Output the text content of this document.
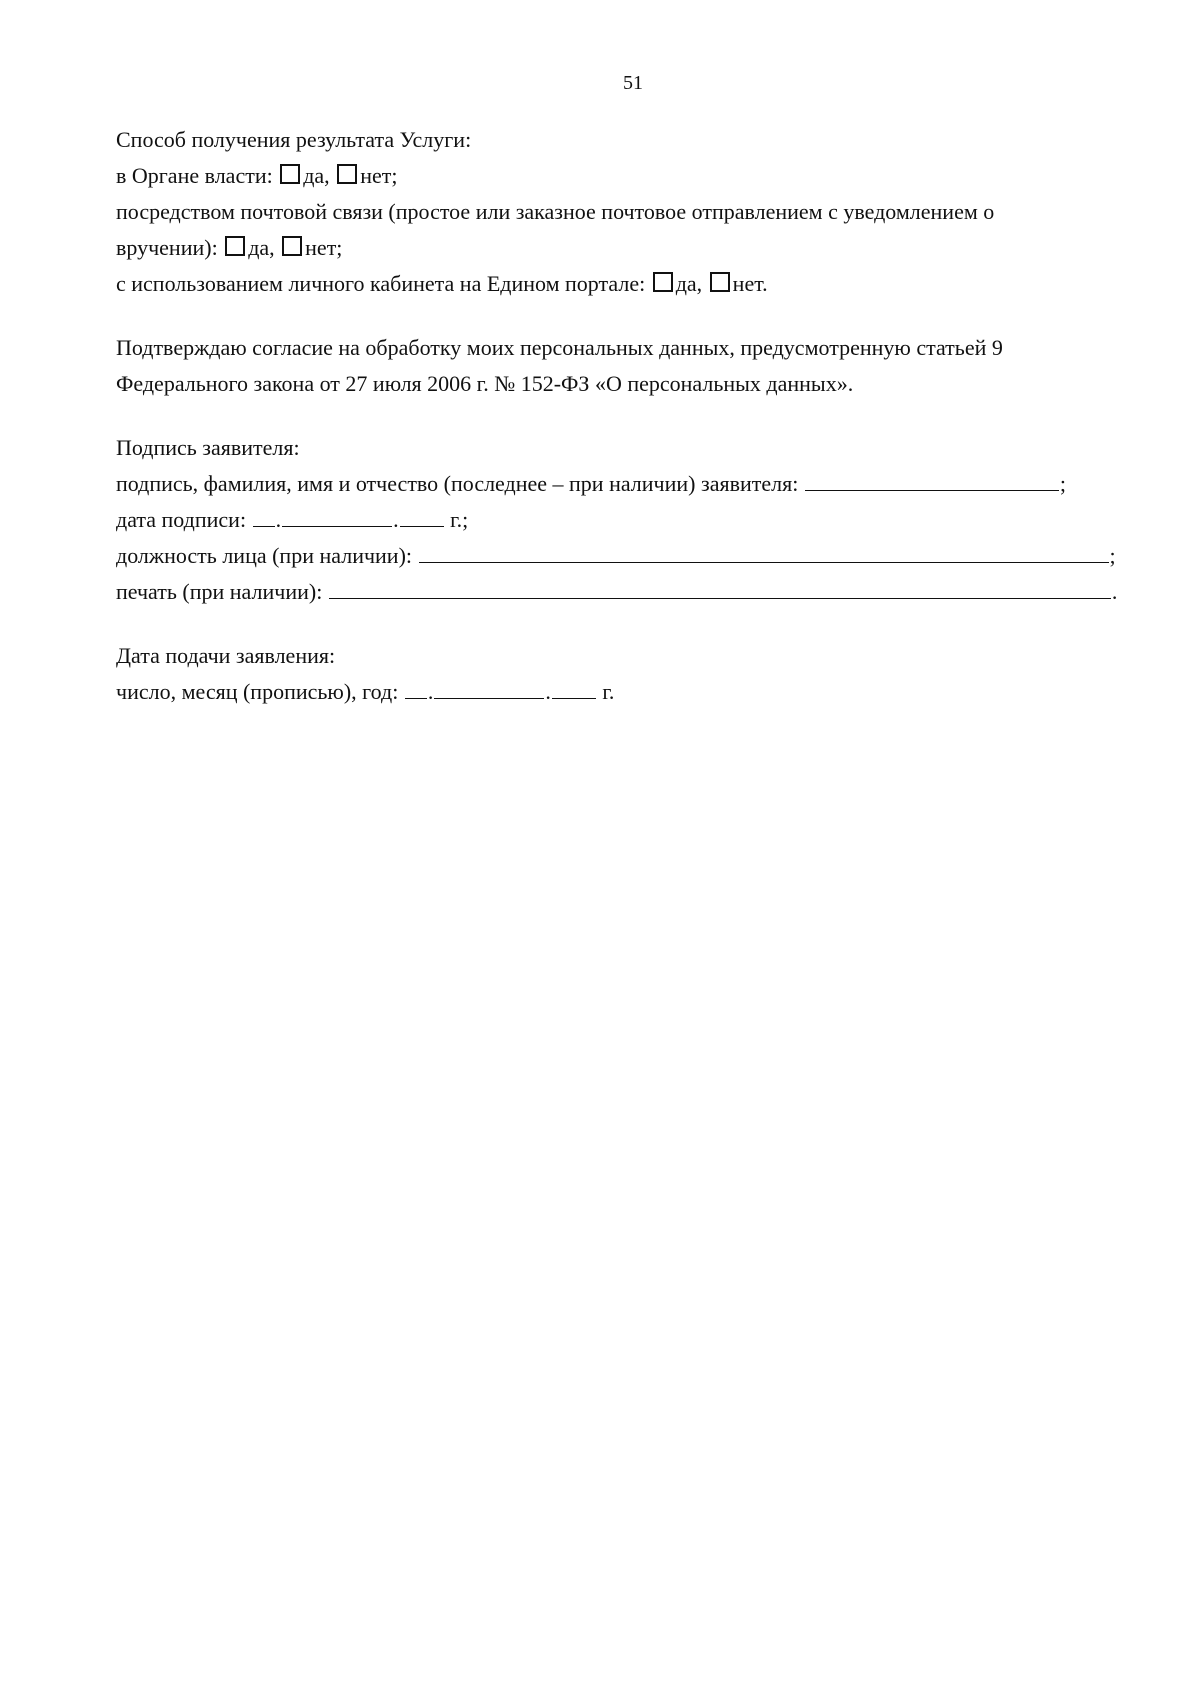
51
Способ получения результата Услуги:
в Органе власти: да, нет;
посредством почтовой связи (простое или заказное почтовое отправлением с уведомлением о
вручении): да, нет;
с использованием личного кабинета на Едином портале: да, нет.
Подтверждаю согласие на обработку моих персональных данных, предусмотренную статьей 9
Федерального закона от 27 июля 2006 г. № 152-ФЗ «О персональных данных».
Подпись заявителя:
подпись, фамилия, имя и отчество (последнее – при наличии) заявителя:	;
дата подписи: .	. г.;
должность лица (при наличии):	;
печать (при наличии):	.
Дата подачи заявления:
число, месяц (прописью), год: .	. г.
